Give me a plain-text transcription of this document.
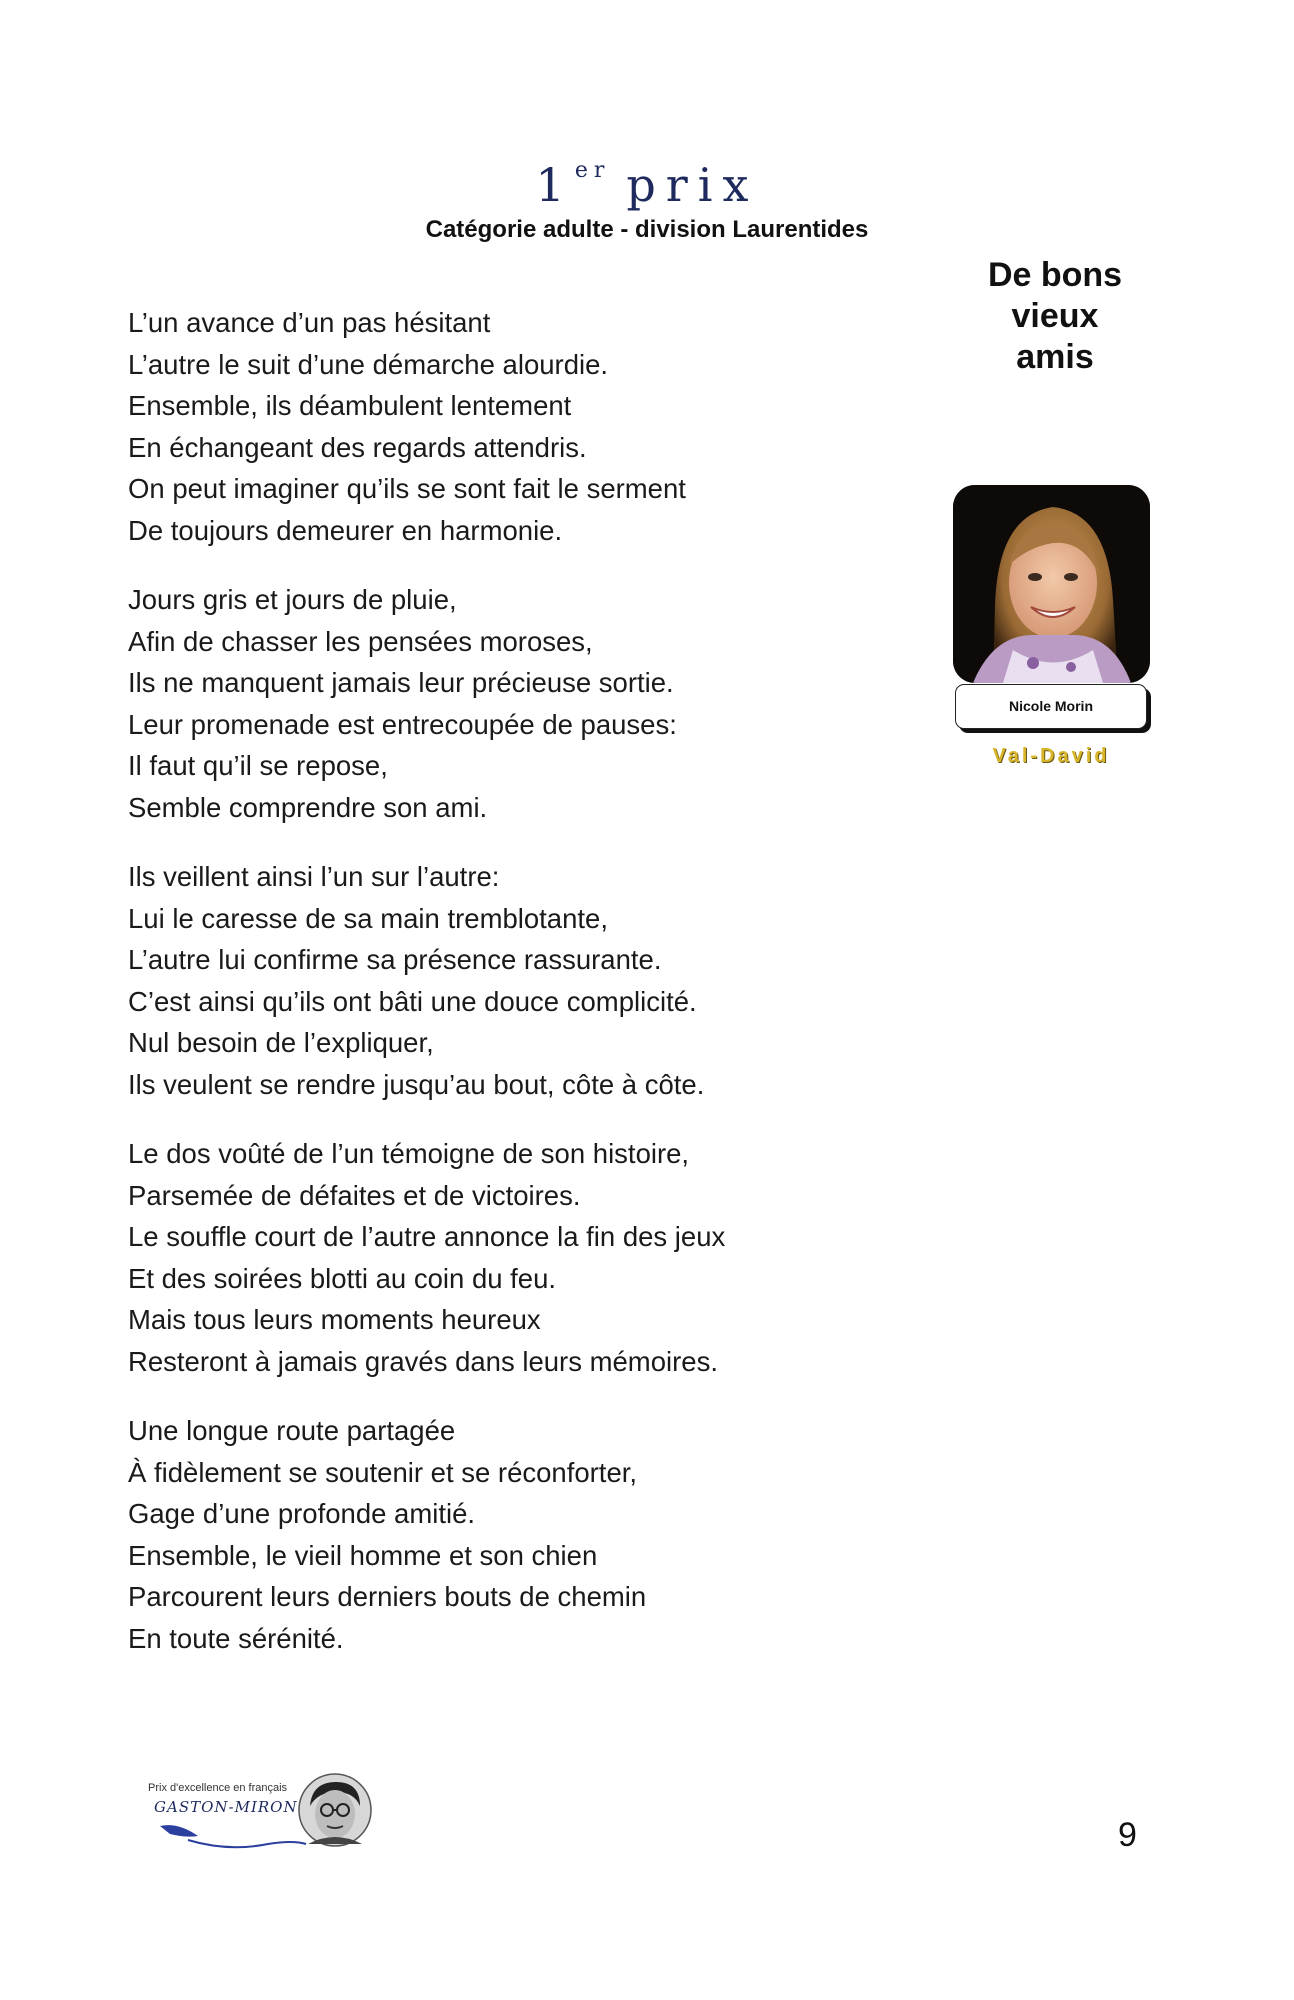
1er prix
Catégorie adulte - division Laurentides
De bons
vieux
amis
Nicole Morin
Val-David
L’un avance d’un pas hésitant
L’autre le suit d’une démarche alourdie.
Ensemble, ils déambulent lentement
En échangeant des regards attendris.
On peut imaginer qu’ils se sont fait le serment
De toujours demeurer en harmonie.
Jours gris et jours de pluie,
Afin de chasser les pensées moroses,
Ils ne manquent jamais leur précieuse sortie.
Leur promenade est entrecoupée de pauses:
Il faut qu’il se repose,
Semble comprendre son ami.
Ils veillent ainsi l’un sur l’autre:
Lui le caresse de sa main tremblotante,
L’autre lui confirme sa présence rassurante.
C’est ainsi qu’ils ont bâti une douce complicité.
Nul besoin de l’expliquer,
Ils veulent se rendre jusqu’au bout, côte à côte.
Le dos voûté de l’un témoigne de son histoire,
Parsemée de défaites et de victoires.
Le souffle court de l’autre annonce la fin des jeux
Et des soirées blotti au coin du feu.
Mais tous leurs moments heureux
Resteront à jamais gravés dans leurs mémoires.
Une longue route partagée
À fidèlement se soutenir et se réconforter,
Gage d’une profonde amitié.
Ensemble, le vieil homme et son chien
Parcourent leurs derniers bouts de chemin
En toute sérénité.
Prix d'excellence en français
GASTON-MIRON
9
